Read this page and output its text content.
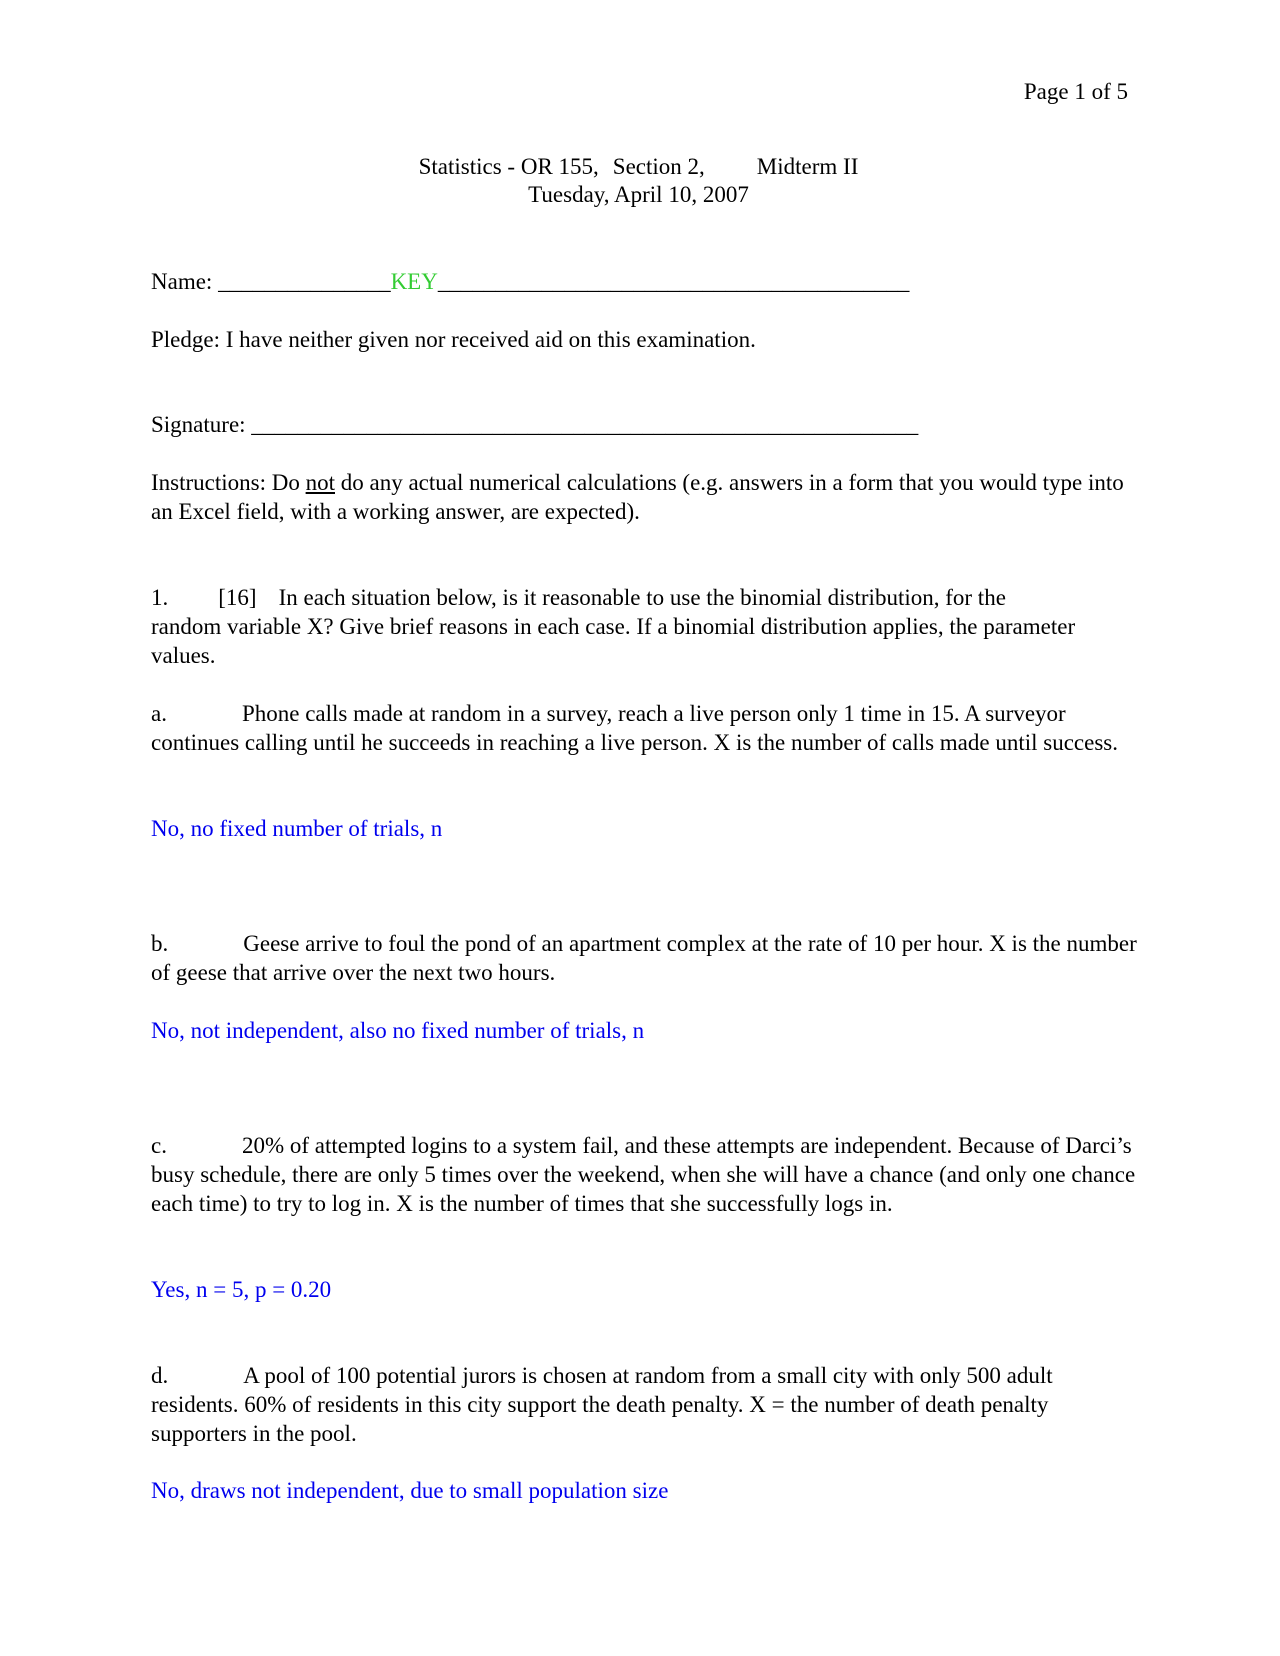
Page 1 of 5
Statistics - OR 155, Section 2, Midterm II
Tuesday, April 10, 2007
Name: _______________KEY_________________________________________
Pledge: I have neither given nor received aid on this examination.
Signature: __________________________________________________________
Instructions: Do not do any actual numerical calculations (e.g. answers in a form that you would type into an Excel field, with a working answer, are expected).
1. [16] In each situation below, is it reasonable to use the binomial distribution, for the
random variable X? Give brief reasons in each case. If a binomial distribution applies, the parameter values.
a.	Phone calls made at random in a survey, reach a live person only 1 time in 15. A surveyor continues calling until he succeeds in reaching a live person. X is the number of calls made until success.
No, no fixed number of trials, n
b.	Geese arrive to foul the pond of an apartment complex at the rate of 10 per hour. X is the number of geese that arrive over the next two hours.
No, not independent, also no fixed number of trials, n
c.	20% of attempted logins to a system fail, and these attempts are independent. Because of Darci’s busy schedule, there are only 5 times over the weekend, when she will have a chance (and only one chance each time) to try to log in. X is the number of times that she successfully logs in.
Yes, n = 5, p = 0.20
d.	A pool of 100 potential jurors is chosen at random from a small city with only 500 adult residents. 60% of residents in this city support the death penalty. X = the number of death penalty supporters in the pool.
No, draws not independent, due to small population size
